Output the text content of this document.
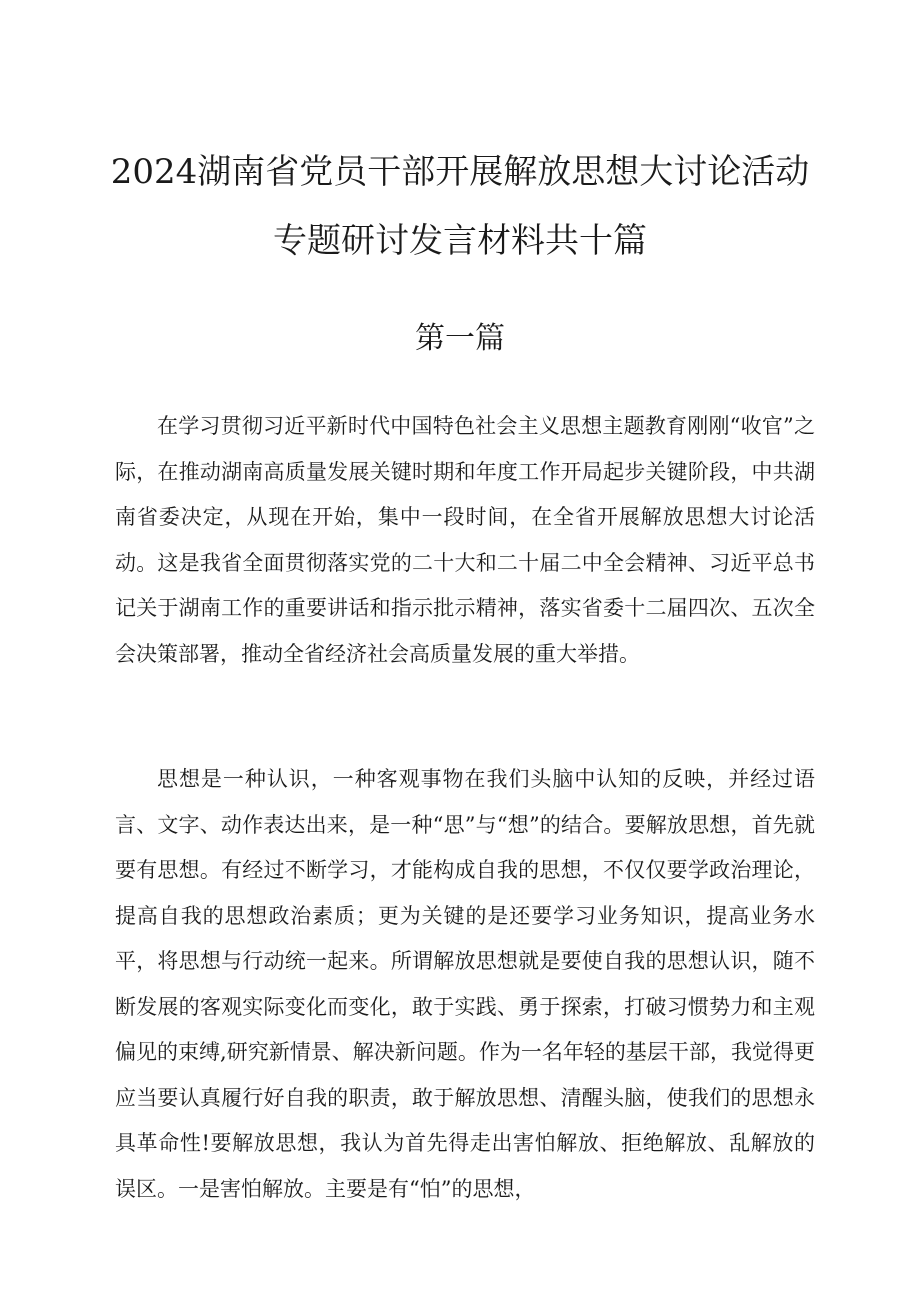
2024湖南省党员干部开展解放思想大讨论活动
专题研讨发言材料共十篇
第一篇

在学习贯彻习近平新时代中国特色社会主义思想主题教育刚刚“收官”之际，在推动湖南高质量发展关键时期和年度工作开局起步关键阶段，中共湖南省委决定，从现在开始，集中一段时间，在全省开展解放思想大讨论活动。这是我省全面贯彻落实党的二十大和二十届二中全会精神、习近平总书记关于湖南工作的重要讲话和指示批示精神，落实省委十二届四次、五次全会决策部署，推动全省经济社会高质量发展的重大举措。

思想是一种认识，一种客观事物在我们头脑中认知的反映，并经过语言、文字、动作表达出来，是一种“思”与“想”的结合。要解放思想，首先就要有思想。有经过不断学习，才能构成自我的思想，不仅仅要学政治理论，提高自我的思想政治素质；更为关键的是还要学习业务知识，提高业务水平，将思想与行动统一起来。所谓解放思想就是要使自我的思想认识，随不断发展的客观实际变化而变化，敢于实践、勇于探索，打破习惯势力和主观偏见的束缚,研究新情景、解决新问题。作为一名年轻的基层干部，我觉得更应当要认真履行好自我的职责，敢于解放思想、清醒头脑，使我们的思想永具革命性!要解放思想，我认为首先得走出害怕解放、拒绝解放、乱解放的误区。一是害怕解放。主要是有“怕”的思想，
